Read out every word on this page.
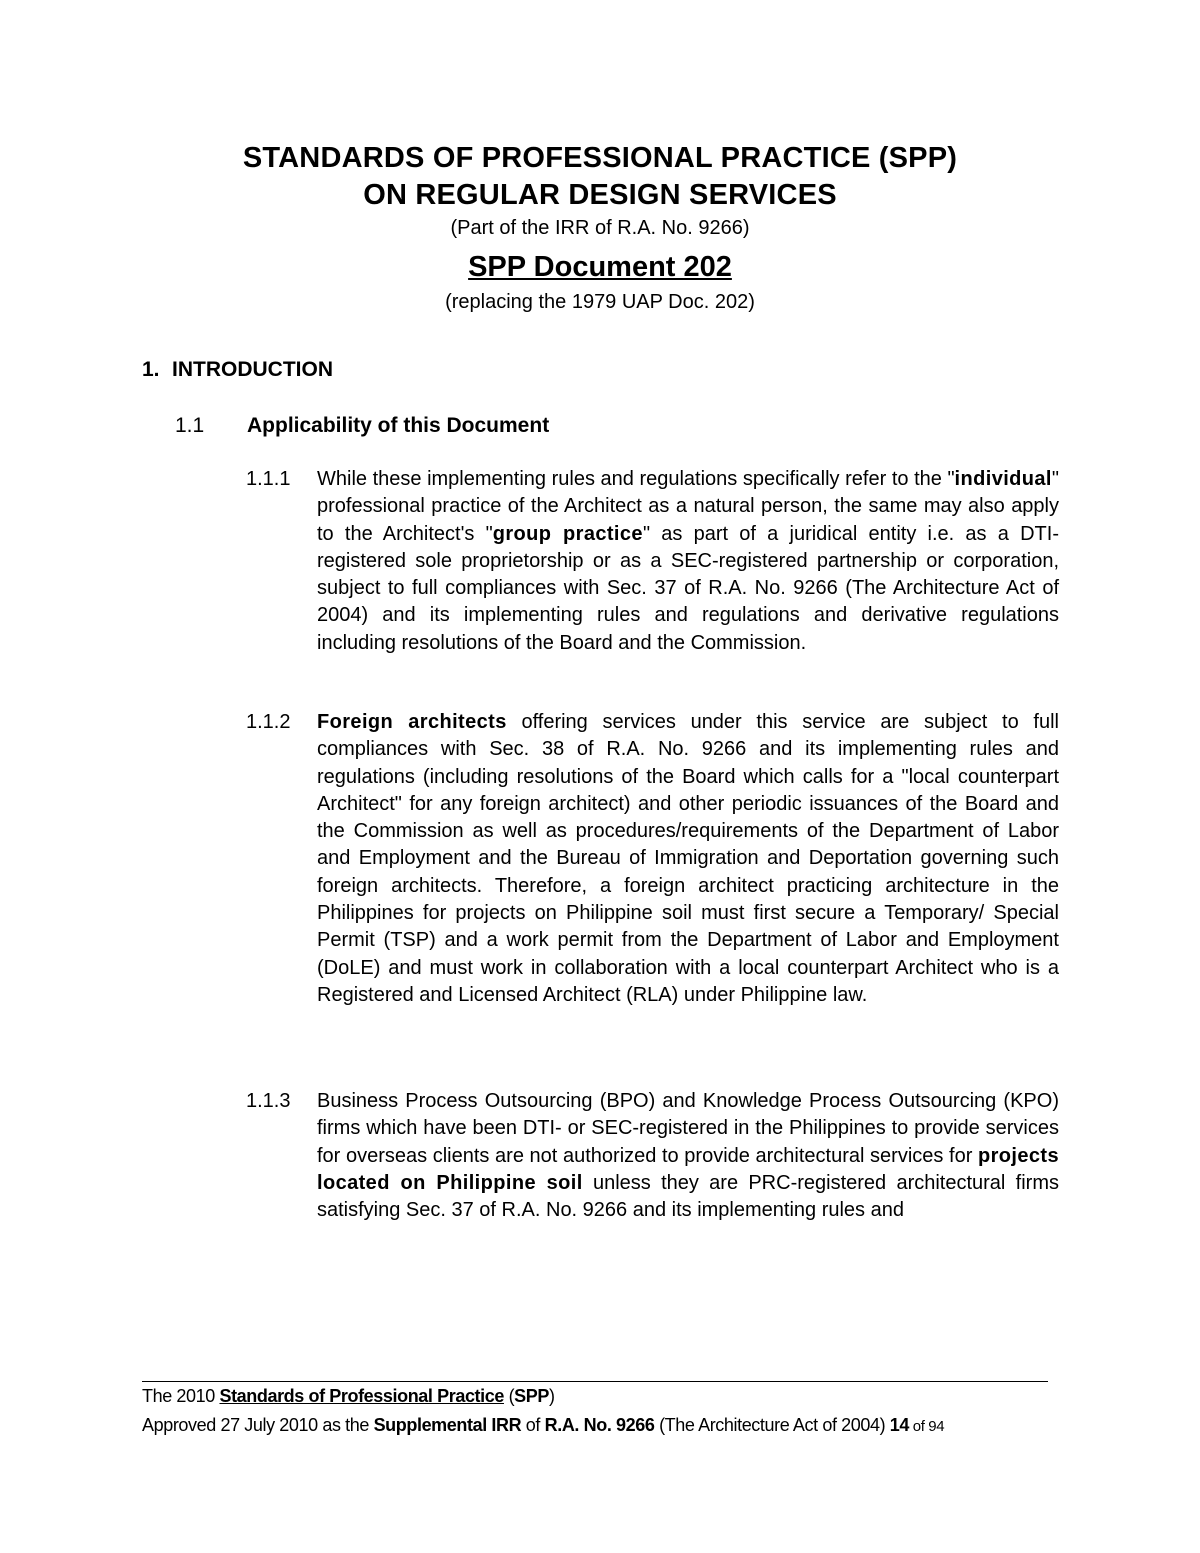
STANDARDS OF PROFESSIONAL PRACTICE (SPP)
ON REGULAR DESIGN SERVICES
(Part of the IRR of R.A. No. 9266)
SPP Document 202
(replacing the 1979 UAP Doc. 202)
1. INTRODUCTION
1.1 Applicability of this Document
1.1.1 While these implementing rules and regulations specifically refer to the "individual" professional practice of the Architect as a natural person, the same may also apply to the Architect's "group practice" as part of a juridical entity i.e. as a DTI-registered sole proprietorship or as a SEC-registered partnership or corporation, subject to full compliances with Sec. 37 of R.A. No. 9266 (The Architecture Act of 2004) and its implementing rules and regulations and derivative regulations including resolutions of the Board and the Commission.
1.1.2 Foreign architects offering services under this service are subject to full compliances with Sec. 38 of R.A. No. 9266 and its implementing rules and regulations (including resolutions of the Board which calls for a "local counterpart Architect" for any foreign architect) and other periodic issuances of the Board and the Commission as well as procedures/requirements of the Department of Labor and Employment and the Bureau of Immigration and Deportation governing such foreign architects. Therefore, a foreign architect practicing architecture in the Philippines for projects on Philippine soil must first secure a Temporary/ Special Permit (TSP) and a work permit from the Department of Labor and Employment (DoLE) and must work in collaboration with a local counterpart Architect who is a Registered and Licensed Architect (RLA) under Philippine law.
1.1.3 Business Process Outsourcing (BPO) and Knowledge Process Outsourcing (KPO) firms which have been DTI- or SEC-registered in the Philippines to provide services for overseas clients are not authorized to provide architectural services for projects located on Philippine soil unless they are PRC-registered architectural firms satisfying Sec. 37 of R.A. No. 9266 and its implementing rules and
The 2010 Standards of Professional Practice (SPP)
Approved 27 July 2010 as the Supplemental IRR of R.A. No. 9266 (The Architecture Act of 2004) 14 of 94
